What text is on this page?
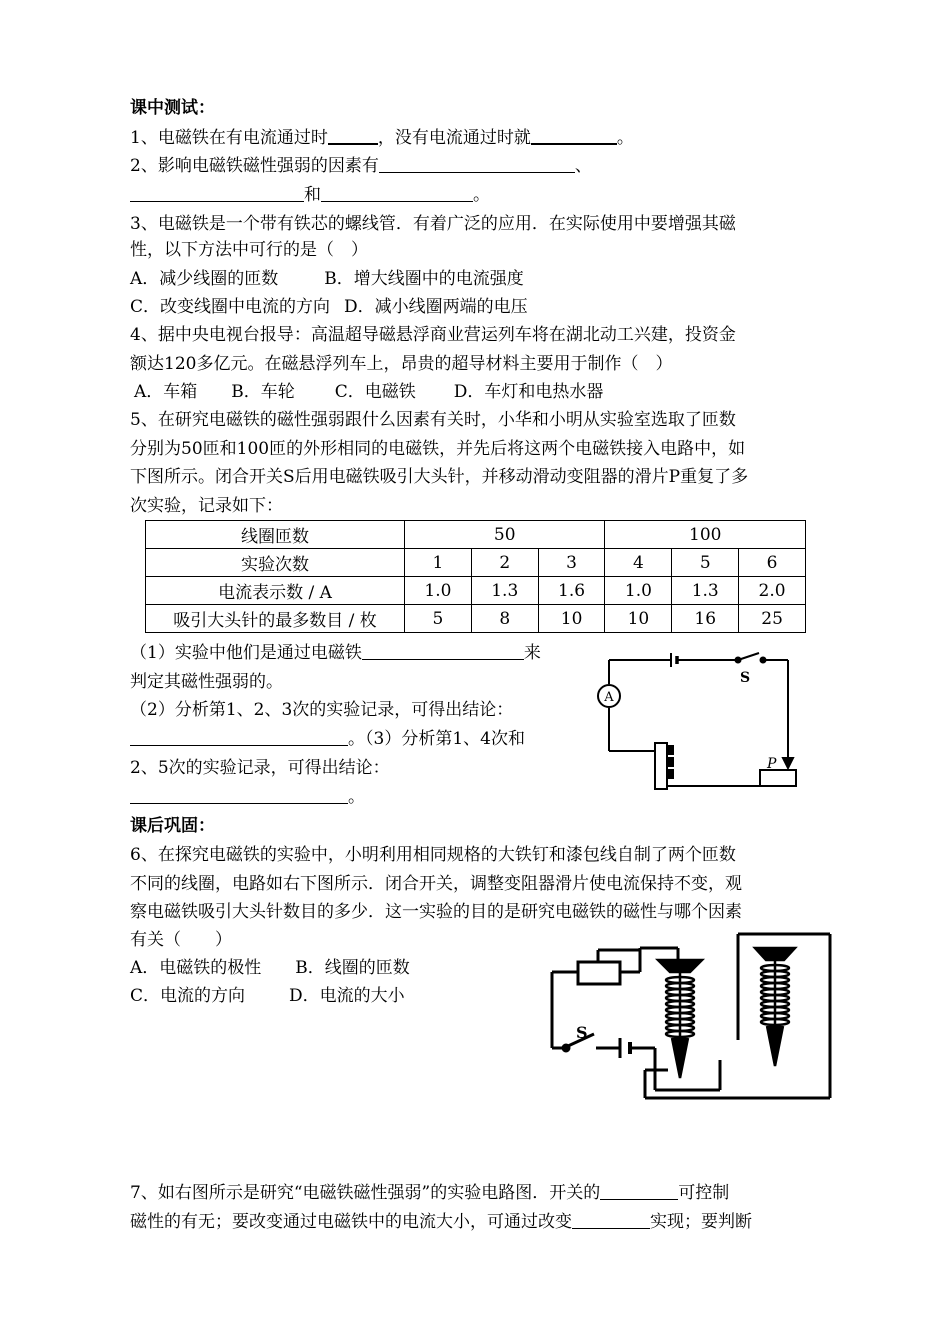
课中测试：
1、电磁铁在有电流通过时	，没有电流通过时就	。
2、影响电磁铁磁性强弱的因素有	、
和	。
3、电磁铁是一个带有铁芯的螺线管．有着广泛的应用．在实际使用中要增强其磁
性，以下方法中可行的是（　）
A．减少线圈的匝数	B．增大线圈中的电流强度
C．改变线圈中电流的方向 D．减小线圈两端的电压
4、据中央电视台报导：高温超导磁悬浮商业营运列车将在湖北动工兴建，投资金
额达120多亿元。在磁悬浮列车上，昂贵的超导材料主要用于制作（　）
A．车箱 B．车轮 C．电磁铁 D．车灯和电热水器
5、在研究电磁铁的磁性强弱跟什么因素有关时，小华和小明从实验室选取了匝数
分别为50匝和100匝的外形相同的电磁铁，并先后将这两个电磁铁接入电路中，如
下图所示。闭合开关S后用电磁铁吸引大头针，并移动滑动变阻器的滑片P重复了多
次实验，记录如下：
线圈匝数	50			100		
实验次数	1	2	3	4	5	6
电流表示数 / A	1.0	1.3	1.6	1.0	1.3	2.0
吸引大头针的最多数目 / 枚	5	8	10	10	16	25
（1）实验中他们是通过电磁铁	来
判定其磁性强弱的。
（2）分析第1、2、3次的实验记录，可得出结论：
。（3）分析第1、4次和
2、5次的实验记录，可得出结论：
。
A
S
P
课后巩固：
6、在探究电磁铁的实验中，小明利用相同规格的大铁钉和漆包线自制了两个匝数
不同的线圈，电路如右下图所示．闭合开关，调整变阻器滑片使电流保持不变，观
察电磁铁吸引大头针数目的多少．这一实验的目的是研究电磁铁的磁性与哪个因素
有关（　　）
A．电磁铁的极性 B．线圈的匝数
C．电流的方向	D．电流的大小
S
7、如右图所示是研究“电磁铁磁性强弱”的实验电路图．开关的	可控制
磁性的有无；要改变通过电磁铁中的电流大小，可通过改变	实现；要判断
